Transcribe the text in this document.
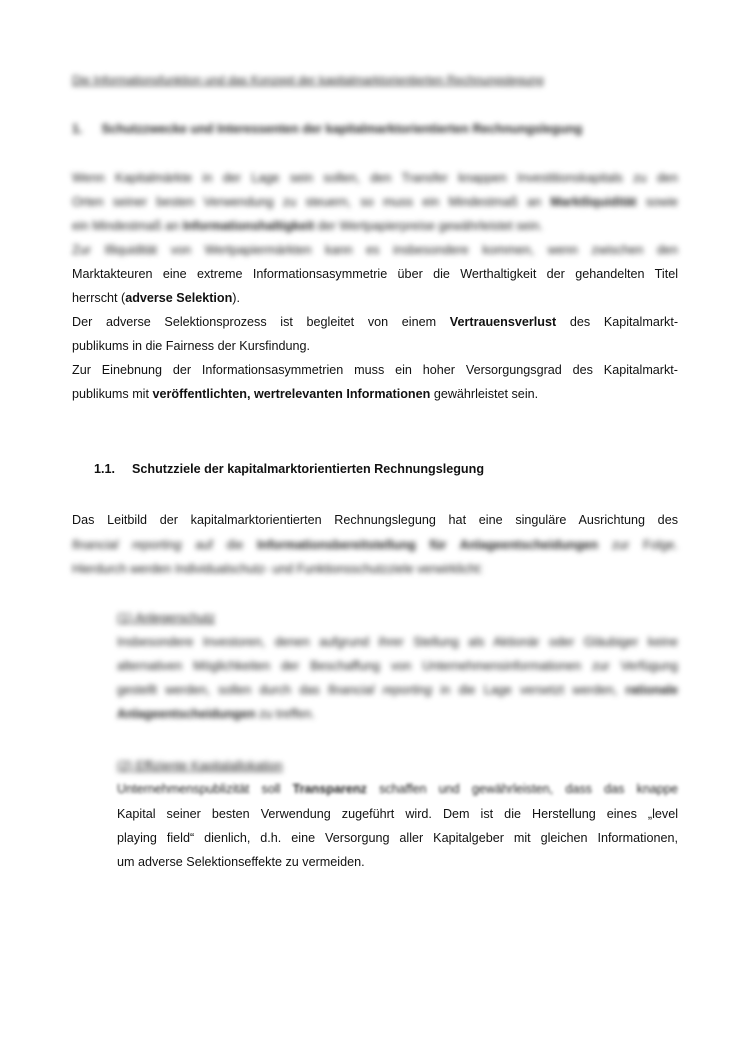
Die Informationsfunktion und das Konzept der kapitalmarktorientierten Rechnungslegung
1. Schutzzwecke und Interessenten der kapitalmarktorientierten Rechnungslegung
Wenn Kapitalmärkte in der Lage sein sollen, den Transfer knappen Investitionskapitals zu den
Orten seiner besten Verwendung zu steuern, so muss ein Mindestmaß an Marktliquidität sowie
ein Mindestmaß an Informationshaltigkeit der Wertpapierpreise gewährleistet sein.
Zur Illiquidität von Wertpapiermärkten kann es insbesondere kommen, wenn zwischen den
Marktakteuren eine extreme Informationsasymmetrie über die Werthaltigkeit der gehandelten Titel
herrscht (adverse Selektion).
Der adverse Selektionsprozess ist begleitet von einem Vertrauensverlust des Kapitalmarkt-
publikums in die Fairness der Kursfindung.
Zur Einebnung der Informationsasymmetrien muss ein hoher Versorgungsgrad des Kapitalmarkt-
publikums mit veröffentlichten, wertrelevanten Informationen gewährleistet sein.
1.1. Schutzziele der kapitalmarktorientierten Rechnungslegung
Das Leitbild der kapitalmarktorientierten Rechnungslegung hat eine singuläre Ausrichtung des
financial reporting auf die Informationsbereitstellung für Anlageentscheidungen zur Folge.
Hierdurch werden Individualschutz- und Funktionsschutzziele verwirklicht:
(1) Anlegerschutz
Insbesondere Investoren, denen aufgrund ihrer Stellung als Aktionär oder Gläubiger keine
alternativen Möglichkeiten der Beschaffung von Unternehmensinformationen zur Verfügung
gestellt werden, sollen durch das financial reporting in die Lage versetzt werden, rationale
Anlageentscheidungen zu treffen.
(2) Effiziente Kapitalallokation
Unternehmenspublizität soll Transparenz schaffen und gewährleisten, dass das knappe
Kapital seiner besten Verwendung zugeführt wird. Dem ist die Herstellung eines „level
playing field“ dienlich, d.h. eine Versorgung aller Kapitalgeber mit gleichen Informationen,
um adverse Selektionseffekte zu vermeiden.
